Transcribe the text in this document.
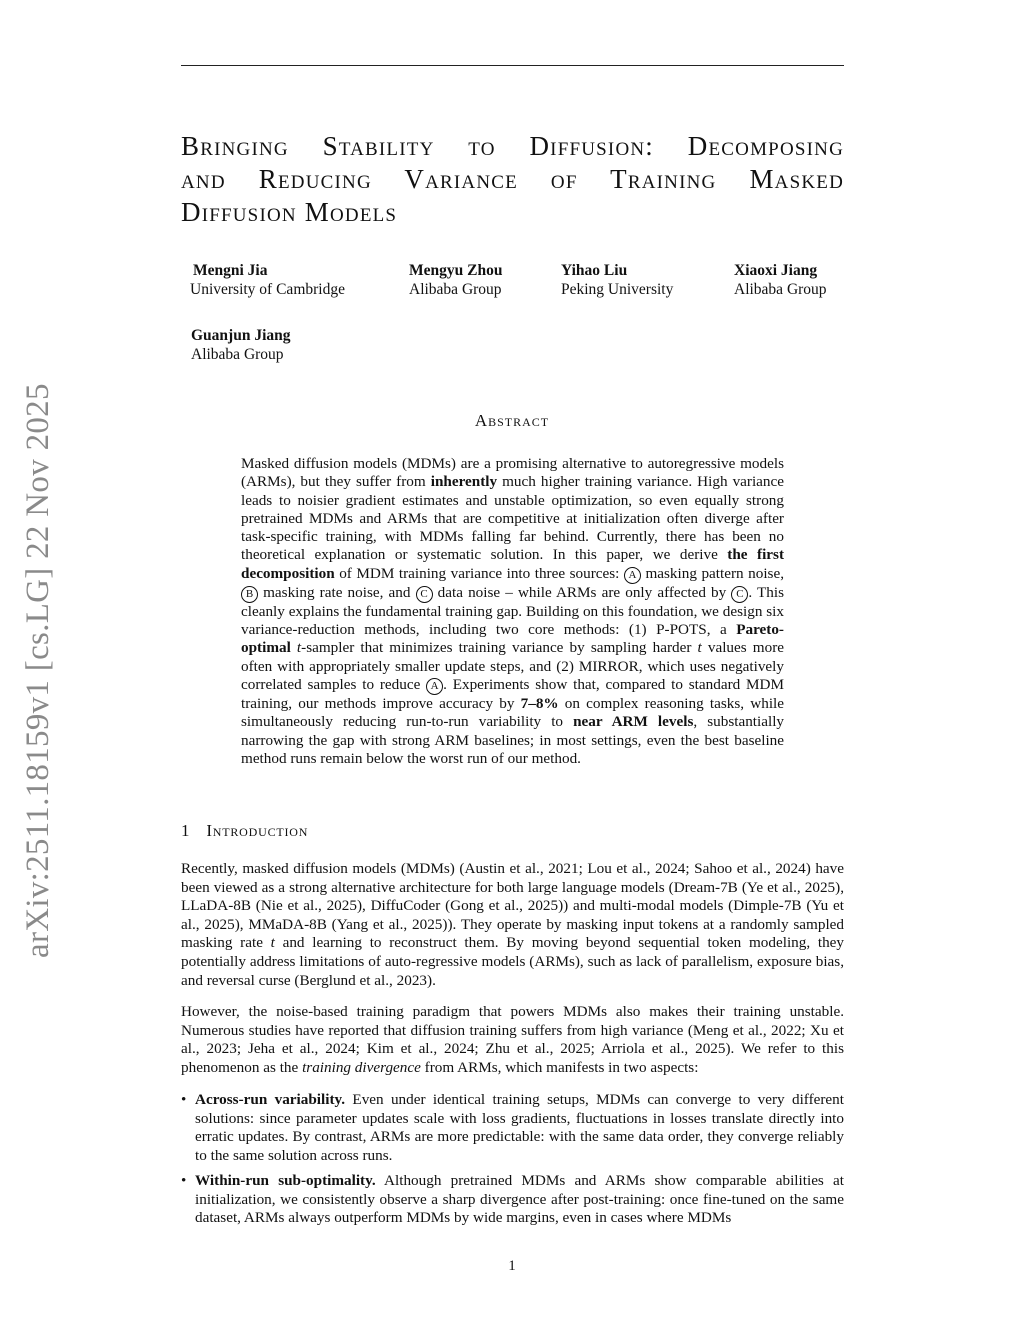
arXiv:2511.18159v1 [cs.LG] 22 Nov 2025

Bringing Stability to Diffusion: Decomposing

and Reducing Variance of Training Masked

Diffusion Models

Mengni Jia
University of Cambridge
Mengyu Zhou
Alibaba Group
Yihao Liu
Peking University
Xiaoxi Jiang
Alibaba Group
Guanjun Jiang
Alibaba Group
Abstract

Masked diffusion models (MDMs) are a promising alternative to autoregressive models (ARMs), but they suffer from inherently much higher training variance. High variance leads to noisier gradient estimates and unstable optimization, so even equally strong pretrained MDMs and ARMs that are competitive at initialization often diverge after task-specific training, with MDMs falling far behind. Currently, there has been no theoretical explanation or systematic solution. In this paper, we derive the first decomposition of MDM training variance into three sources: A masking pattern noise, B masking rate noise, and C data noise – while ARMs are only affected by C . This cleanly explains the fundamental training gap. Building on this foundation, we design six variance-reduction methods, including two core methods: (1) P-POTS, a Pareto-optimal t-sampler that minimizes training variance by sampling harder t values more often with appropriately smaller update steps, and (2) MIRROR, which uses negatively correlated samples to reduce A . Experiments show that, compared to standard MDM training, our methods improve accuracy by 7–8% on complex reasoning tasks, while simultaneously reducing run-to-run variability to near ARM levels, substantially narrowing the gap with strong ARM baselines; in most settings, even the best baseline method runs remain below the worst run of our method.

1 Introduction

Recently, masked diffusion models (MDMs) (Austin et al., 2021; Lou et al., 2024; Sahoo et al., 2024) have been viewed as a strong alternative architecture for both large language models (Dream-7B (Ye et al., 2025), LLaDA-8B (Nie et al., 2025), DiffuCoder (Gong et al., 2025)) and multi-modal models (Dimple-7B (Yu et al., 2025), MMaDA-8B (Yang et al., 2025)). They operate by masking input tokens at a randomly sampled masking rate t and learning to reconstruct them. By moving beyond sequential token modeling, they potentially address limitations of auto-regressive models (ARMs), such as lack of parallelism, exposure bias, and reversal curse (Berglund et al., 2023).

However, the noise-based training paradigm that powers MDMs also makes their training unstable. Numerous studies have reported that diffusion training suffers from high variance (Meng et al., 2022; Xu et al., 2023; Jeha et al., 2024; Kim et al., 2024; Zhu et al., 2025; Arriola et al., 2025). We refer to this phenomenon as the training divergence from ARMs, which manifests in two aspects:

• Across-run variability. Even under identical training setups, MDMs can converge to very different solutions: since parameter updates scale with loss gradients, fluctuations in losses translate directly into erratic updates. By contrast, ARMs are more predictable: with the same data order, they converge reliably to the same solution across runs.

• Within-run sub-optimality. Although pretrained MDMs and ARMs show comparable abilities at initialization, we consistently observe a sharp divergence after post-training: once fine-tuned on the same dataset, ARMs always outperform MDMs by wide margins, even in cases where MDMs

1
